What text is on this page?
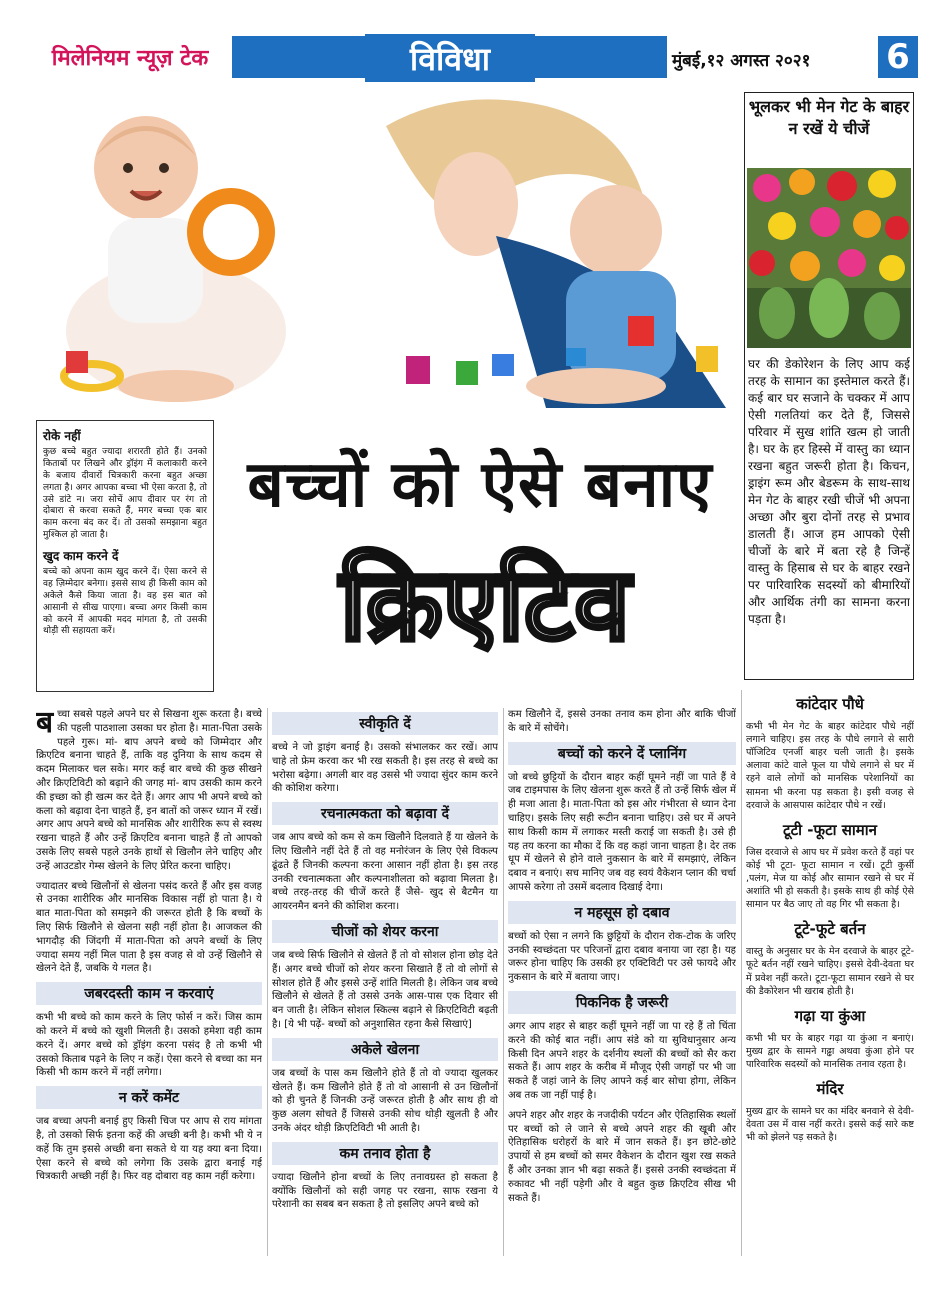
मिलेनियम न्यूज़ टेक	विविधा	मुंबई,१२ अगस्त २०२१	6
भूलकर भी मेन गेट के बाहर न रखें ये चीजें
घर की डेकोरेशन के लिए आप कई तरह के सामान का इस्तेमाल करते हैं। कई बार घर सजाने के चक्कर में आप ऐसी गलतियां कर देते हैं, जिससे परिवार में सुख शांति खत्म हो जाती है। घर के हर हिस्से में वास्तु का ध्यान रखना बहुत जरूरी होता है। किचन, ड्राइंग रूम और बेडरूम के साथ-साथ मेन गेट के बाहर रखी चीजें भी अपना अच्छा और बुरा दोनों तरह से प्रभाव डालती हैं। आज हम आपको ऐसी चीजों के बारे में बता रहे है जिन्हें वास्तु के हिसाब से घर के बाहर रखने पर पारिवारिक सदस्यों को बीमारियों और आर्थिक तंगी का सामना करना पड़ता है।
रोके नहीं

कुछ बच्चे बहुत ज्यादा शरारती होते हैं। उनको किताबों पर लिखने और ड्रॉइंग में कलाकारी करने के बजाय दीवारों चित्रकारी करना बहुत अच्छा लगता है। अगर आपका बच्चा भी ऐसा करता है, तो उसे डांटे न। जरा सोचें आप दीवार पर रंग तो दोबारा से करवा सकते हैं, मगर बच्चा एक बार काम करना बंद कर दें। तो उसको समझाना बहुत मुश्किल हो जाता है।

खुद काम करने दें

बच्चे को अपना काम खुद करने दें। ऐसा करने से वह ज़िम्मेदार बनेगा। इससे साथ ही किसी काम को अकेले कैसे किया जाता है। वह इस बात को आसानी से सीख पाएगा। बच्चा अगर किसी काम को करने में आपकी मदद मांगता है, तो उसकी थोड़ी सी सहायता करें।

बच्चों को ऐसे बनाए
क्रिएटिव

बच्चा सबसे पहले अपने घर से सिखना शुरू करता है। बच्चे की पहली पाठशाला उसका घर होता है। माता-पिता उसके पहले गुरू। मां- बाप अपने बच्चे को जिम्मेदार और क्रिएटिव बनाना चाहते हैं, ताकि वह दुनिया के साथ कदम से कदम मिलाकर चल सके। मगर कई बार बच्चे की कुछ सीखने और क्रिएटिविटी को बढ़ाने की जगह मां- बाप उसकी काम करने की इच्छा को ही खत्म कर देते हैं। अगर आप भी अपने बच्चे को कला को बढ़ावा देना चाहते हैं, इन बातों को जरूर ध्यान में रखें। अगर आप अपने बच्चे को मानसिक और शारीरिक रूप से स्वस्थ रखना चाहते हैं और उन्हें क्रिएटिव बनाना चाहते हैं तो आपको उसके लिए सबसे पहले उनके हाथों से खिलौन लेने चाहिए और उन्हें आउटडोर गेम्स खेलने के लिए प्रेरित करना चाहिए।

ज्यादातर बच्चे खिलौनों से खेलना पसंद करते हैं और इस वजह से उनका शारीरिक और मानसिक विकास नहीं हो पाता है। ये बात माता-पिता को समझने की जरूरत होती है कि बच्चों के लिए सिर्फ खिलौने से खेलना सही नहीं होता है। आजकल की भागदौड़ की जिंदगी में माता-पिता को अपने बच्चों के लिए ज्यादा समय नहीं मिल पाता है इस वजह से वो उन्हें खिलौने से खेलने देते हैं, जबकि ये गलत है।

जबरदस्ती काम न करवाएं

कभी भी बच्चे को काम करने के लिए फोर्स न करें। जिस काम को करने में बच्चे को खुशी मिलती है। उसको हमेशा वही काम करने दें। अगर बच्चे को ड्रॉइंग करना पसंद है तो कभी भी उसको किताब पढ़ने के लिए न कहें। ऐसा करने से बच्चा का मन किसी भी काम करने में नहीं लगेगा।

न करें कमेंट

जब बच्चा अपनी बनाई हुए किसी चिज पर आप से राय मांगता है, तो उसको सिर्फ इतना कहें की अच्छी बनी है। कभी भी ये न कहें कि तुम इससे अच्छी बना सकते थे या यह क्या बना दिया। ऐसा करने से बच्चे को लगेगा कि उसके द्वारा बनाई गई चित्रकारी अच्छी नहीं है। फिर वह दोबारा वह काम नहीं करेगा।

स्वीकृति दें

बच्चे ने जो ड्राइंग बनाई है। उसको संभालकर कर रखें। आप चाहे तो फ्रेम करवा कर भी रख सकती है। इस तरह से बच्चे का भरोसा बढ़ेगा। अगली बार वह उससे भी ज्यादा सुंदर काम करने की कोशिश करेगा।

रचनात्मकता को बढ़ावा दें

जब आप बच्चे को कम से कम खिलौने दिलवाते हैं या खेलने के लिए खिलौने नहीं देते हैं तो वह मनोरंजन के लिए ऐसे विकल्प ढूंढते हैं जिनकी कल्पना करना आसान नहीं होता है। इस तरह उनकी रचनात्मकता और कल्पनाशीलता को बढ़ावा मिलता है। बच्चे तरह-तरह की चीजें करते हैं जैसे- खुद से बैटमैन या आयरनमैन बनने की कोशिश करना।

चीजों को शेयर करना

जब बच्चे सिर्फ खिलौने से खेलते हैं तो वो सोशल होना छोड़ देते हैं। अगर बच्चे चीजों को शेयर करना सिखाते हैं तो वो लोगों से सोशल होते हैं और इससे उन्हें शांति मिलती है। लेकिन जब बच्चे खिलौने से खेलते हैं तो उससे उनके आस-पास एक दिवार सी बन जाती है। लेकिन सोशल स्किल्स बढ़ाने से क्रिएटिविटी बढ़ती है। [ये भी पढ़ें- बच्चों को अनुशासित रहना कैसे सिखाएं]

अकेले खेलना

जब बच्चों के पास कम खिलौने होते हैं तो वो ज्यादा खुलकर खेलते हैं। कम खिलौने होते हैं तो वो आसानी से उन खिलौनों को ही चुनते हैं जिनकी उन्हें जरूरत होती है और साथ ही वो कुछ अलग सोचते हैं जिससे उनकी सोच थोड़ी खुलती है और उनके अंदर थोड़ी क्रिएटिविटी भी आती है।

कम तनाव होता है

ज्यादा खिलौने होना बच्चों के लिए तनावग्रस्त हो सकता है क्योंकि खिलौनों को सही जगह पर रखना, साफ रखना ये परेशानी का सबब बन सकता है तो इसलिए अपने बच्चे को

कम खिलौने दें, इससे उनका तनाव कम होना और बाकि चीजों के बारे में सोचेंगे।

बच्चों को करने दें प्लानिंग

जो बच्चे छुट्टियों के दौरान बाहर कहीं घूमने नहीं जा पाते हैं वे जब टाइमपास के लिए खेलना शुरू करते हैं तो उन्हें सिर्फ खेल में ही मजा आता है। माता-पिता को इस ओर गंभीरता से ध्यान देना चाहिए। इसके लिए सही रूटीन बनाना चाहिए। उसे घर में अपने साथ किसी काम में लगाकर मस्ती कराई जा सकती है। उसे ही यह तय करना का मौका दें कि वह कहां जाना चाहता है। देर तक धूप में खेलने से होने वाले नुकसान के बारे में समझाएं, लेकिन दबाव न बनाएं। सच मानिए जब वह स्वयं वैकेशन प्लान की चर्चा आपसे करेगा तो उसमें बदलाव दिखाई देगा।

न महसूस हो दबाव

बच्चों को ऐसा न लगने कि छुट्टियों के दौरान रोक-टोक के जरिए उनकी स्वच्छंदता पर परिजनों द्वारा दबाव बनाया जा रहा है। यह जरूर होना चाहिए कि उसकी हर एक्टिविटी पर उसे फायदे और नुकसान के बारे में बताया जाए।

पिकनिक है जरूरी

अगर आप शहर से बाहर कहीं घूमने नहीं जा पा रहे हैं तो चिंता करने की कोई बात नहीं। आप संडे को या सुविधानुसार अन्य किसी दिन अपने शहर के दर्शनीय स्थलों की बच्चों को सैर करा सकते हैं। आप शहर के करीब में मौजूद ऐसी जगहों पर भी जा सकते हैं जहां जाने के लिए आपने कई बार सोचा होगा, लेकिन अब तक जा नहीं पाई है।

अपने शहर और शहर के नजदीकी पर्यटन और ऐतिहासिक स्थलों पर बच्चों को ले जाने से बच्चे अपने शहर की खूबी और ऐतिहासिक धरोहरों के बारे में जान सकते हैं। इन छोटे-छोटे उपायों से हम बच्चों को समर वैकेशन के दौरान खुश रख सकते हैं और उनका ज्ञान भी बढ़ा सकते हैं। इससे उनकी स्वच्छंदता में रुकावट भी नहीं पड़ेगी और वे बहुत कुछ क्रिएटिव सीख भी सकते हैं।

कांटेदार पौधे

कभी भी मेन गेट के बाहर कांटेदार पौधे नहीं लगाने चाहिए। इस तरह के पौधे लगाने से सारी पॉजिटिव एनर्जी बाहर चली जाती है। इसके अलावा कांटे वाले फूल या पौधे लगाने से घर में रहने वाले लोगों को मानसिक परेशानियों का सामना भी करना पड़ सकता है। इसी वजह से दरवाजे के आसपास कांटेदार पौधे न रखें।

टूटी -फूटा सामान

जिस दरवाजे से आप घर में प्रवेश करते हैं वहां पर कोई भी टूटा- फूटा सामान न रखें। टूटी कुर्सी ,पलंग, मेज या कोई और सामान रखने से घर में अशांति भी हो सकती है। इसके साथ ही कोई ऐसे सामान पर बैठ जाए तो वह गिर भी सकता है।

टूटे-फूटे बर्तन

वास्तु के अनुसार घर के मेन दरवाजे के बाहर टूटे-फूटे बर्तन नहीं रखने चाहिए। इससे देवी-देवता घर में प्रवेश नहीं करते। टूटा-फूटा सामान रखने से घर की डैकोरेशन भी खराब होती है।

गढ़ा या कुंआ

कभी भी घर के बाहर गढ़ा या कुंआ न बनाएं। मुख्य द्वार के सामने गढ्ढा अथवा कुंआ होने पर पारिवारिक सदस्यों को मानसिक तनाव रहता है।

मंदिर

मुख्य द्वार के सामने घर का मंदिर बनवाने से देवी- देवता उस में वास नहीं करते। इससे कई सारे कष्ट भी को झेलने पड़ सकते है।
